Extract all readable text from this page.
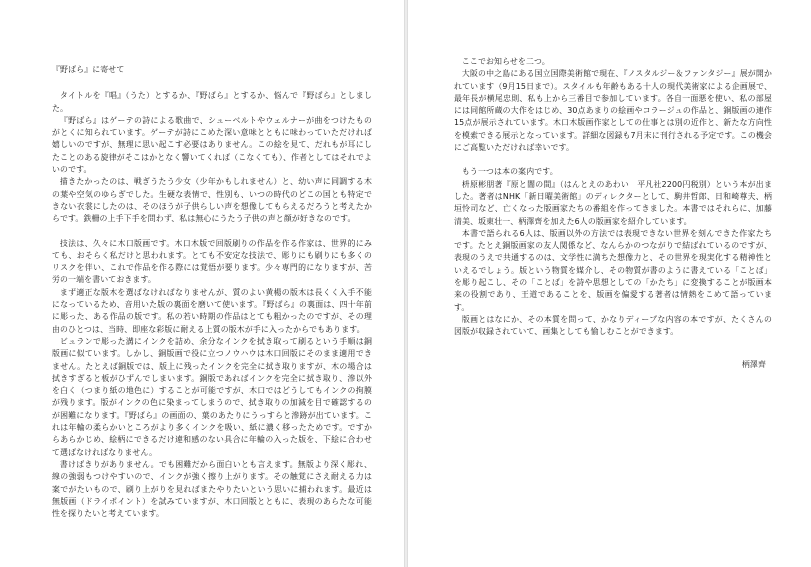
『野ばら』に寄せて

タイトルを『唱』（うた）とするか、『野ばら』とするか、悩んで『野ばら』としました。

『野ばら』はゲーテの詩による歌曲で、シューベルトやウェルナーが曲をつけたものがとくに知られています。ゲーテが詩にこめた深い意味とともに味わっていただければ嬉しいのですが、無理に思い起こす必要はありません。この絵を見て、だれもが耳にしたことのある旋律がそこはかとなく響いてくれば（こなくても）、作者としてはそれでよいのです。

描きたかったのは、戦ぎうたう少女（少年かもしれません）と、幼い声に同調する木の葉や空気のゆらぎでした。生硬な表情で、性別も、いつの時代のどこの国とも特定できない衣裳にしたのは、そのほうが子供らしい声を想像してもらえるだろうと考えたからです。鉄柵の上手下手を問わず、私は無心にうたう子供の声と顔が好きなのです。

技法は、久々に木口版画です。木口木版で回版刷りの作品を作る作家は、世界的にみても、おそらく私だけと思われます。とても不安定な技法で、彫りにも刷りにも多くのリスクを伴い、これで作品を作る際には覚悟が要ります。少々専門的になりますが、苦労の一端を書いておきます。

まず適正な版木を選ばなければなりませんが、質のよい黄楊の版木は長くく入手不能になっているため、音用いた版の裏面を磨いて使います。『野ばら』の裏面は、四十年前に彫った、ある作品の版です。私の若い時期の作品はとても粗かったのですが、その理由のひとつは、当時、即座な彩版に耐える上質の版木が手に入ったからでもあります。

ビュランで彫った溝にインクを詰め、余分なインクを拭き取って刷るという手順は銅版画に似ています。しかし、銅版画で役に立つノウハウは木口回版にそのまま適用できません。たとえば銅版では、版上に残ったインクを完全に拭き取りますが、木の場合は拭きすぎると板がひずんでしまいます。銅版であればインクを完全に拭き取り、滲以外を白く（つまり紙の地色に）することが可能ですが、木口ではどうしてもインクの拘膜が残ります。版がインクの色に染まってしまうので、拭き取りの加減を目で確認するのが困難になります。『野ばら』の画面の、葉のあたりにうっすらと滲跡が出ています。これは年輪の柔らかいところがより多くインクを吸い、紙に濃く移ったためです。ですからあらかじめ、絵柄にできるだけ違和感のない具合に年輪の入った版を、下絵に合わせて選ばなければなりません。

書けばきりがありません。でも困難だから面白いとも言えます。無版より深く彫れ、線の強弱もつけやすいので、インクが強く擦り上がります。その触覚にさえ耐える力は案でがたいもので、刷り上がりを見ればまたやりたいという思いに捕われます。最近は無版画（ドライポイント）を試みていますが、木口回版とともに、表現のあらたな可能性を探りたいと考えています。

ここでお知らせを二つ。

大阪の中之島にある国立国際美術館で現在、『ノスタルジー＆ファンタジー』展が開かれています（9月15日まで）。スタイルも年齢もある十人の現代美術家による企画展で、最年長が横尾忠則、私も上から三番目で参加しています。各自一面悪を使い、私の部屋には同館所蔵の大作をはじめ、30点あまりの絵画やコラージュの作品と、銅版画の連作15点が展示されています。木口木版画作家としての仕事とは別の近作と、新たな方向性を模索できる展示となっています。詳細な図録も7月末に刊行される予定です。この機会にご高覧いただければ幸いです。

もう一つは本の案内です。

枡原彬朋著『原と闇の間』（はんとえのあわい　平凡社2200円税別）という本が出ました。著者はNHK「新日曜美術館」のディレクターとして、駒井哲郎、日和崎尊夫、柄垣怜司など、亡くなった版画家たちの番組を作ってきました。本書ではそれらに、加藤清美、坂東壮一、柄澤齊を加えた6人の版画家を紹介しています。

本書で語られる6人は、版画以外の方法では表現できない世界を刻んできた作家たちです。たとえ銅版画家の友人関係など、なんらかのつながりで結ばれているのですが、表現のうえで共通するのは、文学性に満ちた想像力と、その世界を現実化する精神性といえるでしょう。版という物質を媒介し、その物質が書のように書えている「ことば」を彫り起こし、その「ことば」を詩や思想としての「かたち」に変換することが版画本来の役割であり、王道であることを、版画を偏愛する著者は情熱をこめて語っています。

版画とはなにか、その本質を問って、かなりディープな内容の本ですが、たくさんの図版が収録されていて、画集としても愉しむことができます。

柄澤齊
